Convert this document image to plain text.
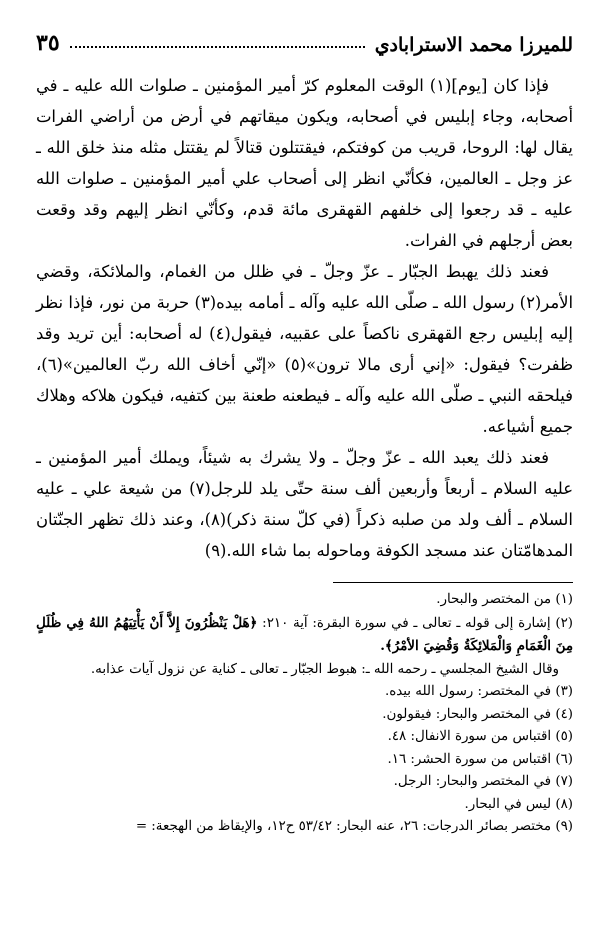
للميرزا محمد الاسترابادي
٣٥

فإذا كان [يوم](١) الوقت المعلوم كرّ أمير المؤمنين ـ صلوات الله عليه ـ في أصحابه، وجاء إبليس في أصحابه، ويكون ميقاتهم في أرض من أراضي الفرات يقال لها: الروحا، قريب من كوفتكم، فيقتتلون قتالاً لم يقتتل مثله منذ خلق الله ـ عز وجل ـ العالمين، فكأنّي انظر إلى أصحاب علي أمير المؤمنين ـ صلوات الله عليه ـ قد رجعوا إلى خلفهم القهقرى مائة قدم، وكأنّي انظر إليهم وقد وقعت بعض أرجلهم في الفرات.

فعند ذلك يهبط الجبّار ـ عزّ وجلّ ـ في ظلل من الغمام، والملائكة، وقضي الأمر(٢) رسول الله ـ صلّى الله عليه وآله ـ أمامه بيده(٣) حربة من نور، فإذا نظر إليه إبليس رجع القهقرى ناكصاً على عقبيه، فيقول(٤) له أصحابه: أين تريد وقد ظفرت؟ فيقول: «إني أرى مالا ترون»(٥) «إنّي أخاف الله ربّ العالمين»(٦)، فيلحقه النبي ـ صلّى الله عليه وآله ـ فيطعنه طعنة بين كتفيه، فيكون هلاكه وهلاك جميع أشياعه.

فعند ذلك يعبد الله ـ عزّ وجلّ ـ ولا يشرك به شيئاً، ويملك أمير المؤمنين ـ عليه السلام ـ أربعاً وأربعين ألف سنة حتّى يلد للرجل(٧) من شيعة علي ـ عليه السلام ـ ألف ولد من صلبه ذكراً (في كلّ سنة ذكر)(٨)، وعند ذلك تظهر الجنّتان المدهامّتان عند مسجد الكوفة وماحوله بما شاء الله.(٩)

(١) من المختصر والبحار.

(٢) إشارة إلى قوله ـ تعالى ـ في سورة البقرة: آية ٢١٠: ﴿هَلْ يَنْظُرُونَ إِلاَّ أَنْ يَأْتِيَهُمُ اللهُ فِي ظُلَلٍ مِنَ الْغَمَامِ وَالْمَلائِكَةُ وَقُضِيَ الأمْرُ﴾.

وقال الشيخ المجلسي ـ رحمه الله ـ: هبوط الجبّار ـ تعالى ـ كناية عن نزول آيات عذابه.

(٣) في المختصر: رسول الله بيده.

(٤) في المختصر والبحار: فيقولون.

(٥) اقتباس من سورة الانفال: ٤٨.

(٦) اقتباس من سورة الحشر: ١٦.

(٧) في المختصر والبحار: الرجل.

(٨) ليس في البحار.

(٩) مختصر بصائر الدرجات: ٢٦، عنه البحار: ٥٣/٤٢ ح١٢، والإيقاظ من الهجعة: =
